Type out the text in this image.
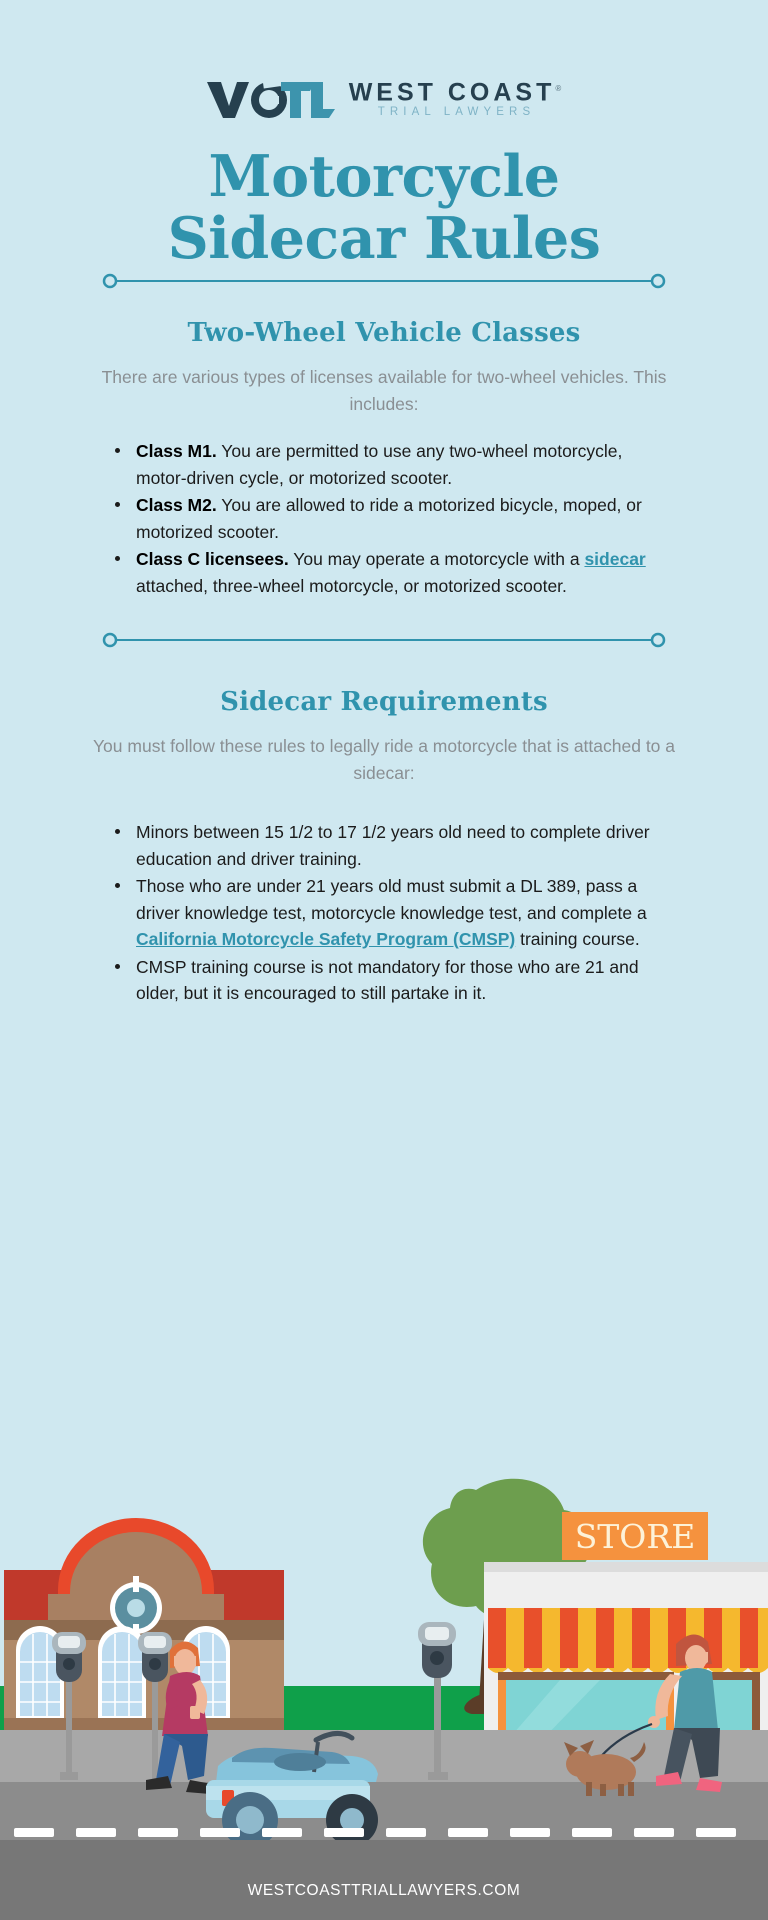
WEST COAST®
TRIAL LAWYERS
Motorcycle
Sidecar Rules
Two-Wheel Vehicle Classes
There are various types of licenses available for two-wheel vehicles. This includes:
Class M1. You are permitted to use any two-wheel motorcycle, motor-driven cycle, or motorized scooter.
Class M2. You are allowed to ride a motorized bicycle, moped, or motorized scooter.
Class C licensees. You may operate a motorcycle with a sidecar attached, three-wheel motorcycle, or motorized scooter.
Sidecar Requirements
You must follow these rules to legally ride a motorcycle that is attached to a sidecar:
Minors between 15 1/2 to 17 1/2 years old need to complete driver education and driver training.
Those who are under 21 years old must submit a DL 389, pass a driver knowledge test, motorcycle knowledge test, and complete a California Motorcycle Safety Program (CMSP) training course.
CMSP training course is not mandatory for those who are 21 and older, but it is encouraged to still partake in it.
STORE
WESTCOASTTRIALLAWYERS.COM
